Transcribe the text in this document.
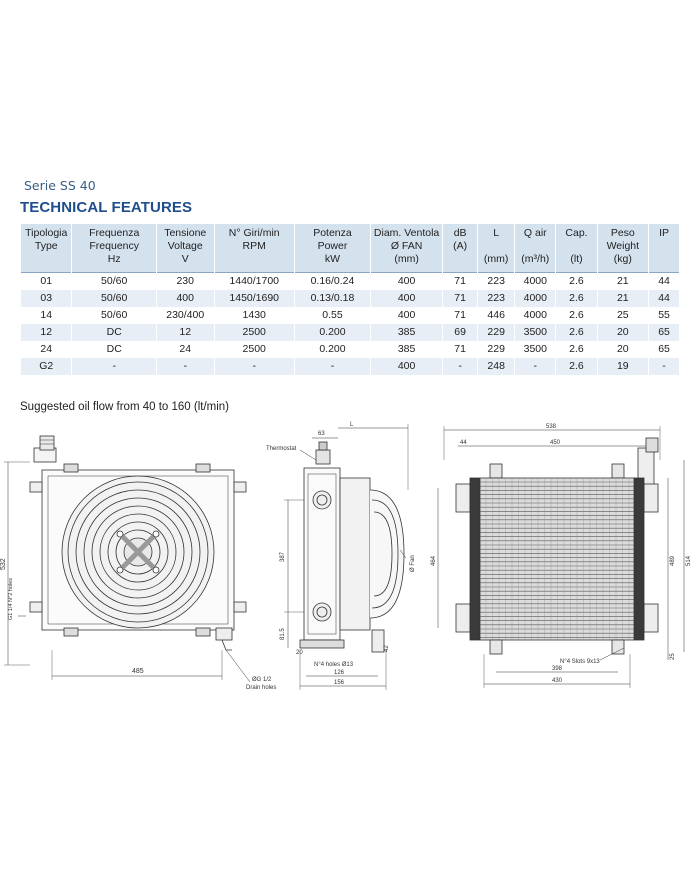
Serie SS 40
TECHNICAL FEATURES
Tipologia
Type	Frequenza
Frequency
Hz	Tensione
Voltage
V	N° Giri/min
RPM	Potenza
Power
kW	Diam. Ventola
Ø FAN
(mm)	dB
(A)	L
(mm)	Q air
(m³/h)	Cap.
(lt)	Peso
Weight
(kg)	IP

01	50/60	230	1440/1700	0.16/0.24	400	71	223	4000	2.6	21	44
03	50/60	400	1450/1690	0.13/0.18	400	71	223	4000	2.6	21	44
14	50/60	230/400	1430	0.55	400	71	446	4000	2.6	25	55
12	DC	12	2500	0.200	385	69	229	3500	2.6	20	65
24	DC	24	2500	0.200	385	71	229	3500	2.6	20	65
G2	-	-	-	-	400	-	248	-	2.6	19	-
Suggested oil flow from 40 to 160 (lt/min)
532
G1 1/4 N°2 holes
485
ØG 1/2
Drain holes
Thermostat
63
L
Ø Fan
387
81.5
20
42
N°4 holes Ø13
126
156
538
44	450
464	489 514
25
N°4 Slots 9x13
398
430
